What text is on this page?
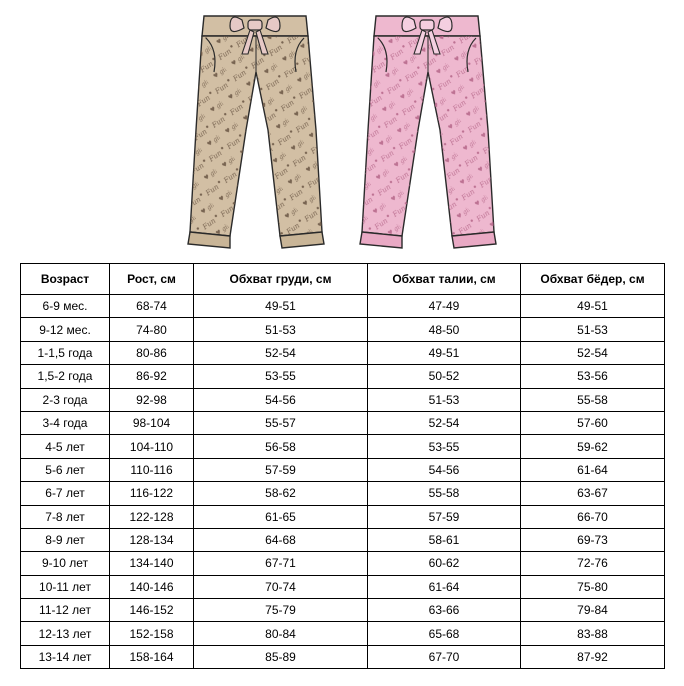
Возраст	Рост, см	Обхват груди, см	Обхват талии, см	Обхват бёдер, см
6-9 мес.	68-74	49-51	47-49	49-51
9-12 мес.	74-80	51-53	48-50	51-53
1-1,5 года	80-86	52-54	49-51	52-54
1,5-2 года	86-92	53-55	50-52	53-56
2-3 года	92-98	54-56	51-53	55-58
3-4 года	98-104	55-57	52-54	57-60
4-5 лет	104-110	56-58	53-55	59-62
5-6 лет	110-116	57-59	54-56	61-64
6-7 лет	116-122	58-62	55-58	63-67
7-8 лет	122-128	61-65	57-59	66-70
8-9 лет	128-134	64-68	58-61	69-73
9-10 лет	134-140	67-71	60-62	72-76
10-11 лет	140-146	70-74	61-64	75-80
11-12 лет	146-152	75-79	63-66	79-84
12-13 лет	152-158	80-84	65-68	83-88
13-14 лет	158-164	85-89	67-70	87-92
